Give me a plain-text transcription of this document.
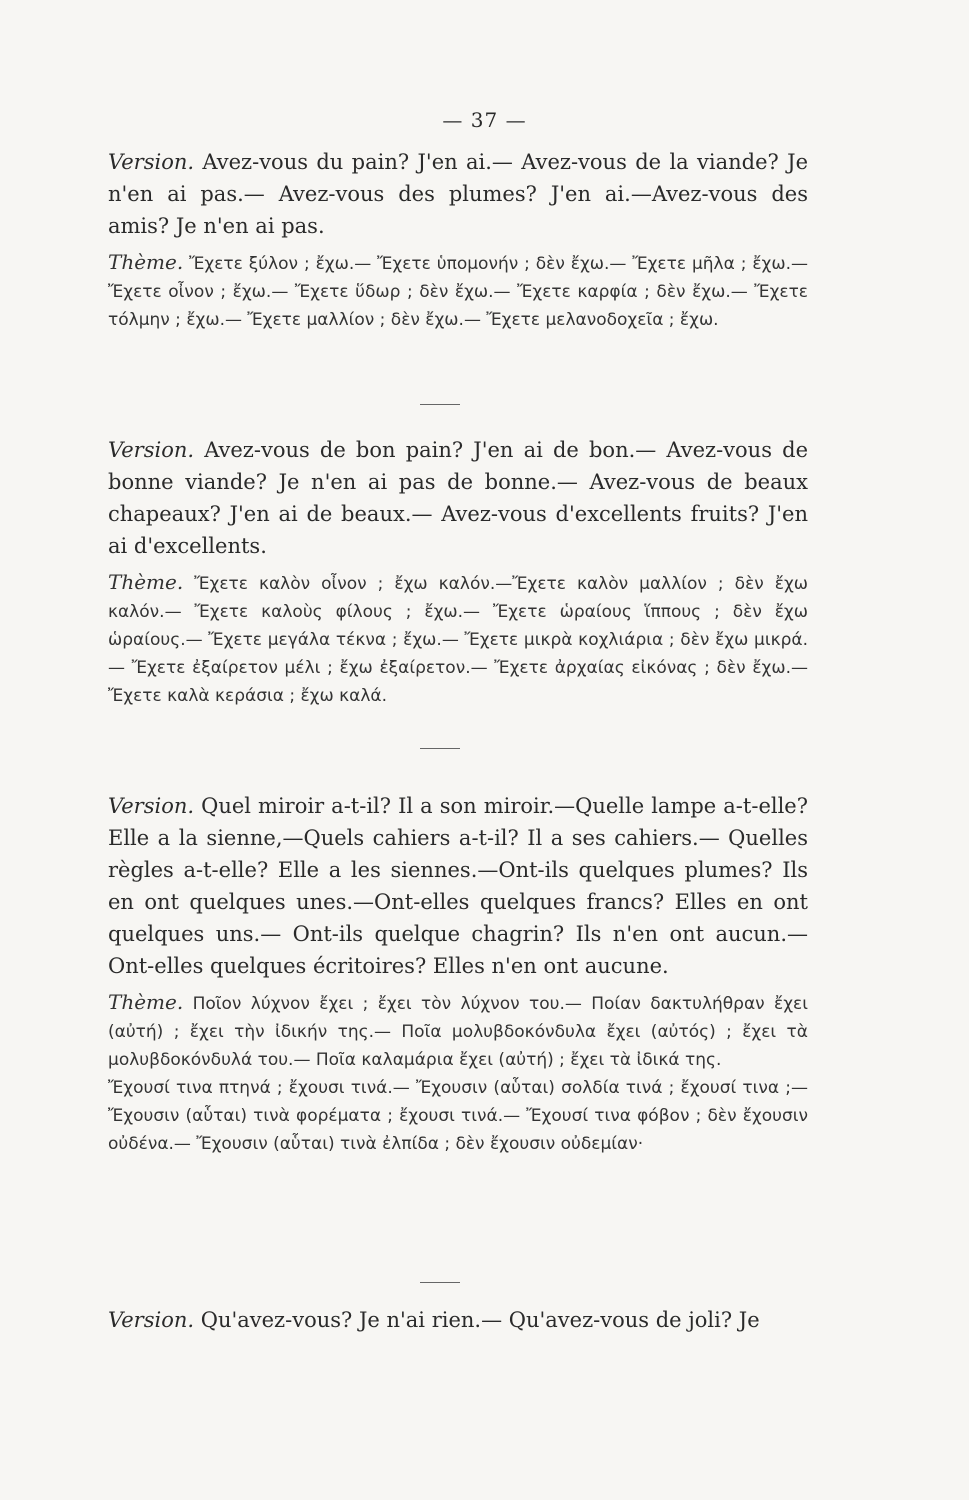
— 37 —

Version. Avez-vous du pain? J'en ai.— Avez-vous de la viande? Je n'en ai pas.— Avez-vous des plumes? J'en ai.—Avez-vous des amis? Je n'en ai pas.

Thème. Ἔχετε ξύλον ; ἔχω.— Ἔχετε ὑπομονήν ; δὲν ἔχω.— Ἔχετε μῆλα ; ἔχω.— Ἔχετε οἶνον ; ἔχω.— Ἔχετε ὕδωρ ; δὲν ἔχω.— Ἔχετε καρφία ; δὲν ἔχω.— Ἔχετε τόλμην ; ἔχω.— Ἔχετε μαλλίον ; δὲν ἔχω.— Ἔχετε μελανοδοχεῖα ; ἔχω.

Version. Avez-vous de bon pain? J'en ai de bon.— Avez-vous de bonne viande? Je n'en ai pas de bonne.— Avez-vous de beaux chapeaux? J'en ai de beaux.— Avez-vous d'excellents fruits? J'en ai d'excellents.

Thème. Ἔχετε καλὸν οἶνον ; ἔχω καλόν.—Ἔχετε καλὸν μαλλίον ; δὲν ἔχω καλόν.— Ἔχετε καλοὺς φίλους ; ἔχω.— Ἔχετε ὡραίους ἵππους ; δὲν ἔχω ὡραίους.— Ἔχετε μεγάλα τέκνα ; ἔχω.— Ἔχετε μικρὰ κοχλιάρια ; δὲν ἔχω μικρά.— Ἔχετε ἐξαίρετον μέλι ; ἔχω ἐξαίρετον.— Ἔχετε ἀρχαίας εἰκόνας ; δὲν ἔχω.— Ἔχετε καλὰ κεράσια ; ἔχω καλά.

Version. Quel miroir a-t-il? Il a son miroir.—Quelle lampe a-t-elle? Elle a la sienne,—Quels cahiers a-t-il? Il a ses cahiers.— Quelles règles a-t-elle? Elle a les siennes.—Ont-ils quelques plumes? Ils en ont quelques unes.—Ont-elles quelques francs? Elles en ont quelques uns.— Ont-ils quelque chagrin? Ils n'en ont aucun.— Ont-elles quelques écritoires? Elles n'en ont aucune.

Thème. Ποῖον λύχνον ἔχει ; ἔχει τὸν λύχνον του.— Ποίαν δακτυλήθραν ἔχει (αὐτή) ; ἔχει τὴν ἰδικήν της.— Ποῖα μολυβδοκόνδυλα ἔχει (αὐτός) ; ἔχει τὰ μολυβδοκόνδυλά του.— Ποῖα καλαμάρια ἔχει (αὐτή) ; ἔχει τὰ ἰδικά της.

Ἔχουσί τινα πτηνά ; ἔχουσι τινά.— Ἔχουσιν (αὗται) σολδία τινά ; ἔχουσί τινα ;— Ἔχουσιν (αὗται) τινὰ φορέματα ; ἔχουσι τινά.— Ἔχουσί τινα φόβον ; δὲν ἔχουσιν οὐδένα.— Ἔχουσιν (αὗται) τινὰ ἐλπίδα ; δὲν ἔχουσιν οὐδεμίαν·

Version. Qu'avez-vous? Je n'ai rien.— Qu'avez-vous de joli? Je
